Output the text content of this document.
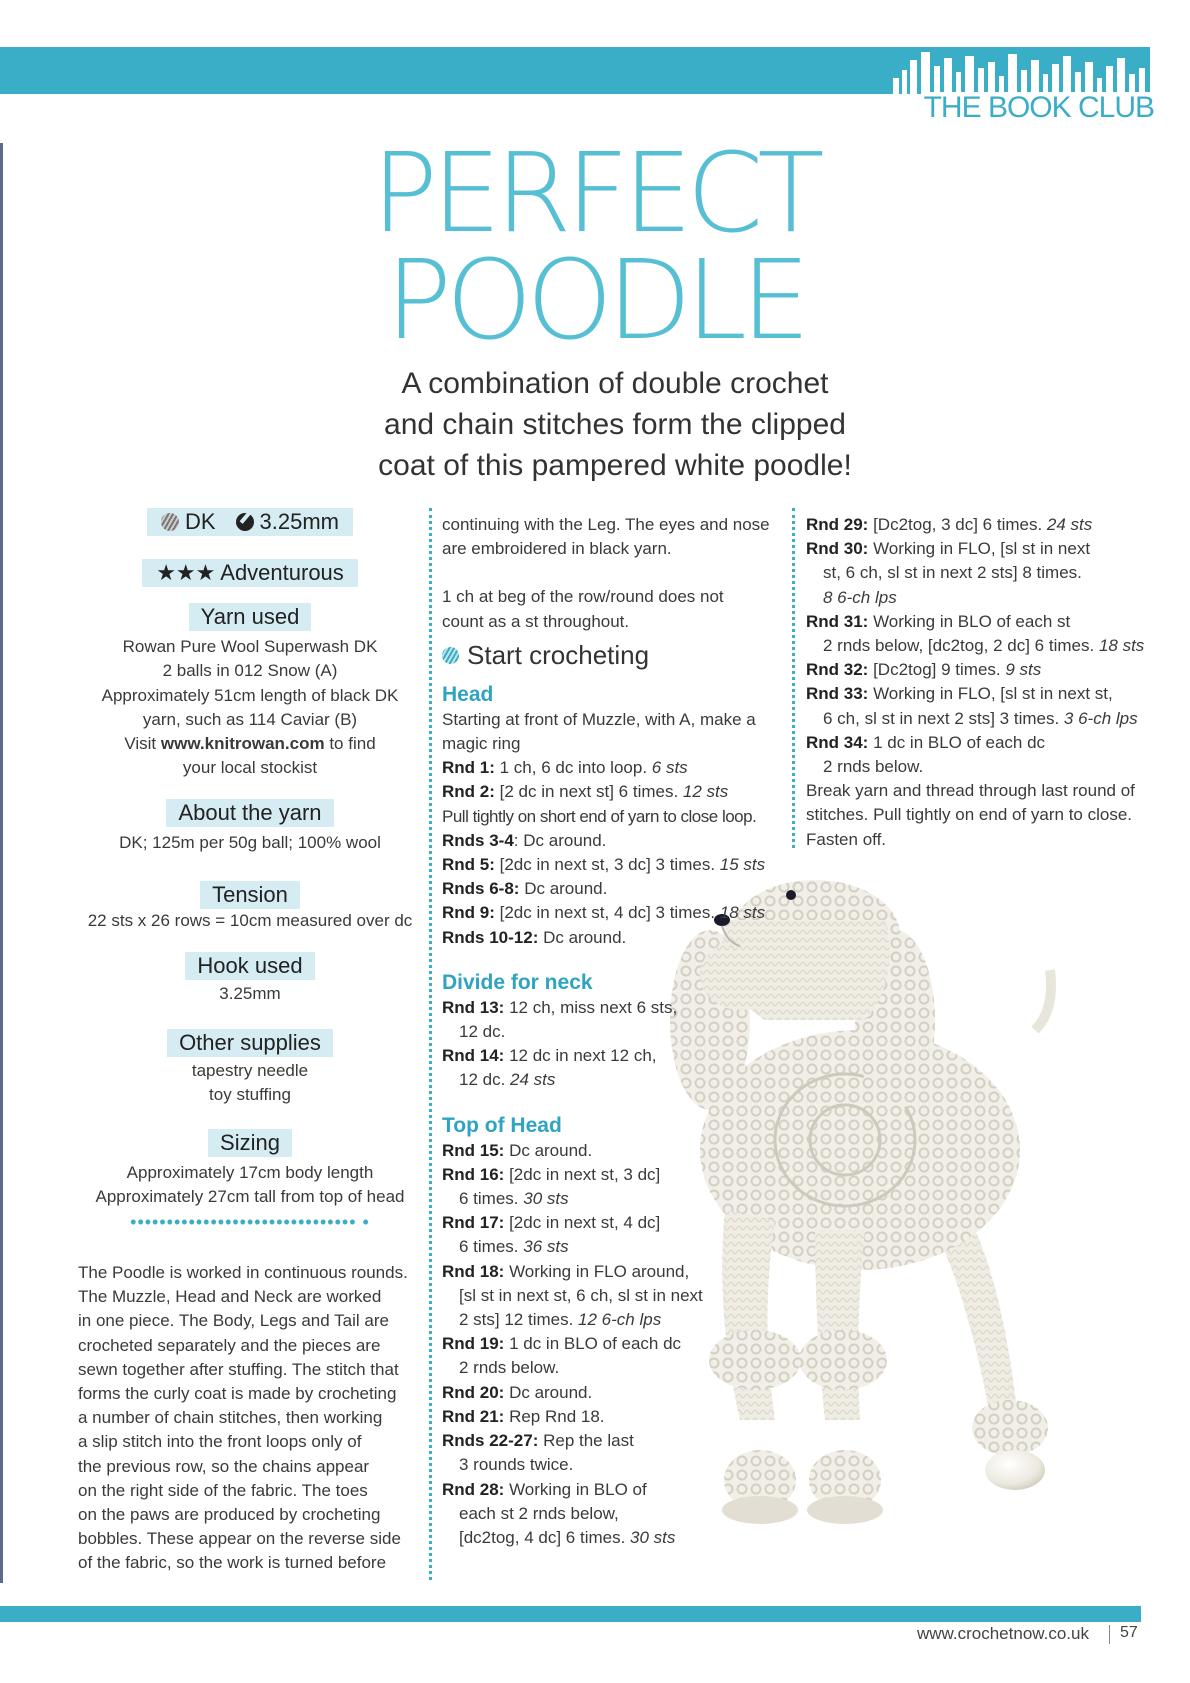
THE BOOK CLUB
PERFECT
POODLE
A combination of double crochet
and chain stitches form the clipped
coat of this pampered white poodle!
DK 3.25mm
★★★ Adventurous

Yarn used

Rowan Pure Wool Superwash DK

2 balls in 012 Snow (A)

Approximately 51cm length of black DK

yarn, such as 114 Caviar (B)

Visit www.knitrowan.com to find

your local stockist

About the yarn

DK; 125m per 50g ball; 100% wool

Tension

22 sts x 26 rows = 10cm measured over dc

Hook used

3.25mm

Other supplies

tapestry needle

toy stuffing

Sizing

Approximately 17cm body length

Approximately 27cm tall from top of head

••••••••••••••••••••••••••••••• •

The Poodle is worked in continuous rounds.

The Muzzle, Head and Neck are worked

in one piece. The Body, Legs and Tail are

crocheted separately and the pieces are

sewn together after stuffing. The stitch that

forms the curly coat is made by crocheting

a number of chain stitches, then working

a slip stitch into the front loops only of

the previous row, so the chains appear

on the right side of the fabric. The toes

on the paws are produced by crocheting

bobbles. These appear on the reverse side

of the fabric, so the work is turned before

continuing with the Leg. The eyes and nose

are embroidered in black yarn.

1 ch at beg of the row/round does not

count as a st throughout.

Start crocheting

Head

Starting at front of Muzzle, with A, make a

magic ring

Rnd 1: 1 ch, 6 dc into loop. 6 sts

Rnd 2: [2 dc in next st] 6 times. 12 sts

Pull tightly on short end of yarn to close loop.

Rnds 3-4: Dc around.

Rnd 5: [2dc in next st, 3 dc] 3 times. 15 sts

Rnds 6-8: Dc around.

Rnd 9: [2dc in next st, 4 dc] 3 times. 18 sts

Rnds 10-12: Dc around.

Divide for neck

Rnd 13: 12 ch, miss next 6 sts,

12 dc.

Rnd 14: 12 dc in next 12 ch,

12 dc. 24 sts

Top of Head

Rnd 15: Dc around.

Rnd 16: [2dc in next st, 3 dc]

6 times. 30 sts

Rnd 17: [2dc in next st, 4 dc]

6 times. 36 sts

Rnd 18: Working in FLO around,

[sl st in next st, 6 ch, sl st in next

2 sts] 12 times. 12 6-ch lps

Rnd 19: 1 dc in BLO of each dc

2 rnds below.

Rnd 20: Dc around.

Rnd 21: Rep Rnd 18.

Rnds 22-27: Rep the last

3 rounds twice.

Rnd 28: Working in BLO of

each st 2 rnds below,

[dc2tog, 4 dc] 6 times. 30 sts

Rnd 29: [Dc2tog, 3 dc] 6 times. 24 sts

Rnd 30: Working in FLO, [sl st in next

st, 6 ch, sl st in next 2 sts] 8 times.

8 6-ch lps

Rnd 31: Working in BLO of each st

2 rnds below, [dc2tog, 2 dc] 6 times. 18 sts

Rnd 32: [Dc2tog] 9 times. 9 sts

Rnd 33: Working in FLO, [sl st in next st,

6 ch, sl st in next 2 sts] 3 times. 3 6-ch lps

Rnd 34: 1 dc in BLO of each dc

2 rnds below.

Break yarn and thread through last round of

stitches. Pull tightly on end of yarn to close.

Fasten off.

www.crochetnow.co.uk 57
